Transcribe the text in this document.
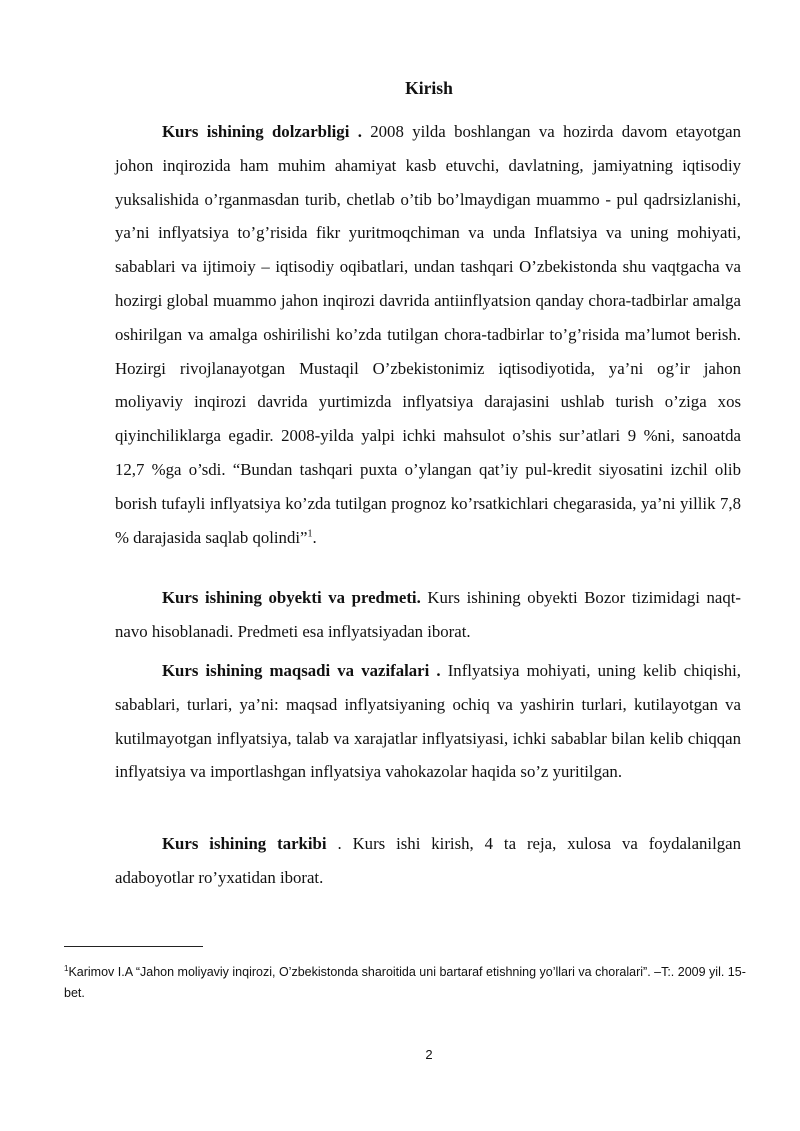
Kirish

Kurs ishining dolzarbligi . 2008 yilda boshlangan va hozirda davom etayotgan johon inqirozida ham muhim ahamiyat kasb etuvchi, davlatning, jamiyatning iqtisodiy yuksalishida o’rganmasdan turib, chetlab o’tib bo’lmaydigan muammo - pul qadrsizlanishi, ya’ni inflyatsiya to’g’risida fikr yuritmoqchiman va unda Inflatsiya va uning mohiyati, sabablari va ijtimoiy – iqtisodiy oqibatlari, undan tashqari O’zbekistonda shu vaqtgacha va hozirgi global muammo jahon inqirozi davrida antiinflyatsion qanday chora-tadbirlar amalga oshirilgan va amalga oshirilishi ko’zda tutilgan chora-tadbirlar to’g’risida ma’lumot berish. Hozirgi rivojlanayotgan Mustaqil O’zbekistonimiz iqtisodiyotida, ya’ni og’ir jahon moliyaviy inqirozi davrida yurtimizda inflyatsiya darajasini ushlab turish o’ziga xos qiyinchiliklarga egadir. 2008-yilda yalpi ichki mahsulot o’shis sur’atlari 9 %ni, sanoatda 12,7 %ga o’sdi. “Bundan tashqari puxta o’ylangan qat’iy pul-kredit siyosatini izchil olib borish tufayli inflyatsiya ko’zda tutilgan prognoz ko’rsatkichlari chegarasida, ya’ni yillik 7,8 % darajasida saqlab qolindi”$^1$.

Kurs ishining obyekti va predmeti. Kurs ishining obyekti Bozor tizimidagi naqt-navo hisoblanadi. Predmeti esa inflyatsiyadan iborat.

Kurs ishining maqsadi va vazifalari . Inflyatsiya mohiyati, uning kelib chiqishi, sabablari, turlari, ya’ni: maqsad inflyatsiyaning ochiq va yashirin turlari, kutilayotgan va kutilmayotgan inflyatsiya, talab va xarajatlar inflyatsiyasi, ichki sabablar bilan kelib chiqqan inflyatsiya va importlashgan inflyatsiya vahokazolar haqida so’z yuritilgan.

Kurs ishining tarkibi . Kurs ishi kirish, 4 ta reja, xulosa va foydalanilgan adaboyotlar ro’yxatidan iborat.

$^1$Karimov I.A “Jahon moliyaviy inqirozi, O’zbekistonda sharoitida uni bartaraf etishning yo’llari va choralari”. –T:. 2009 yil. 15-bet.

2
